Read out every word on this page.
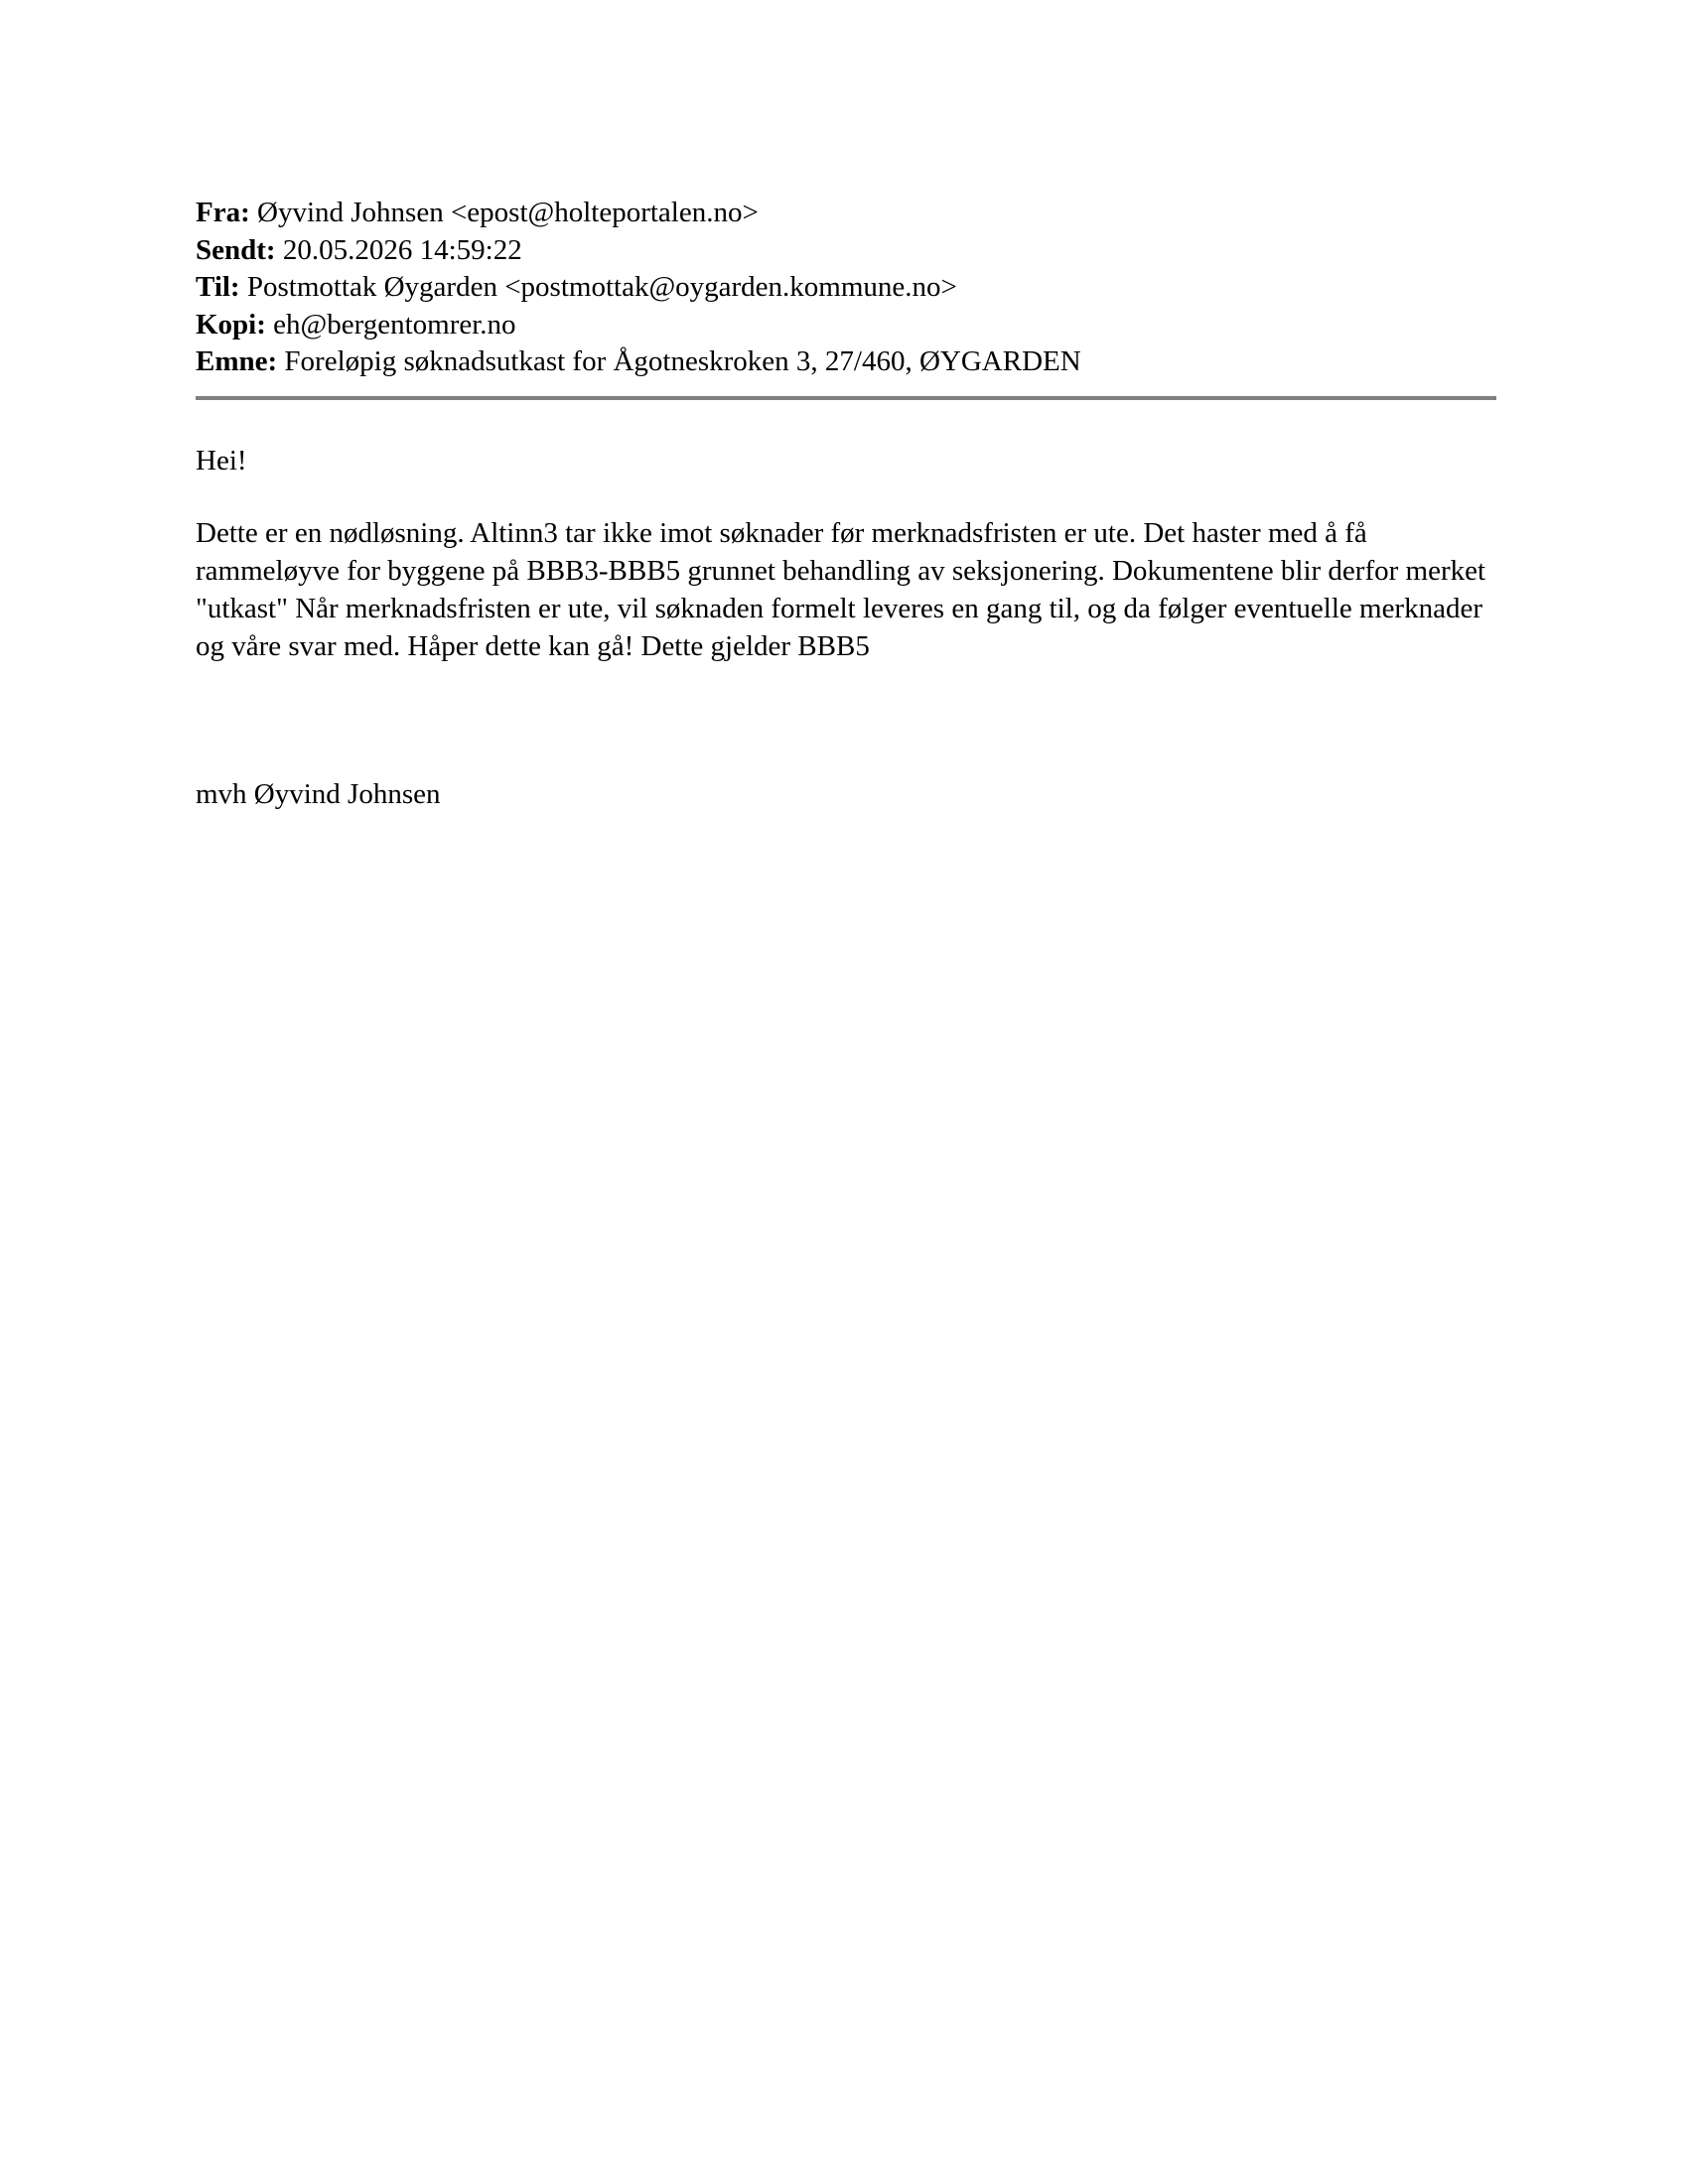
Fra: Øyvind Johnsen <epost@holteportalen.no>
Sendt: 20.05.2026 14:59:22
Til: Postmottak Øygarden <postmottak@oygarden.kommune.no>
Kopi: eh@bergentomrer.no
Emne: Foreløpig søknadsutkast for Ågotneskroken 3, 27/460, ØYGARDEN

Hei!

Dette er en nødløsning. Altinn3 tar ikke imot søknader før merknadsfristen er ute. Det haster med å få rammeløyve for byggene på BBB3-BBB5 grunnet behandling av seksjonering. Dokumentene blir derfor merket "utkast" Når merknadsfristen er ute, vil søknaden formelt leveres en gang til, og da følger eventuelle merknader og våre svar med. Håper dette kan gå! Dette gjelder BBB5

mvh Øyvind Johnsen
